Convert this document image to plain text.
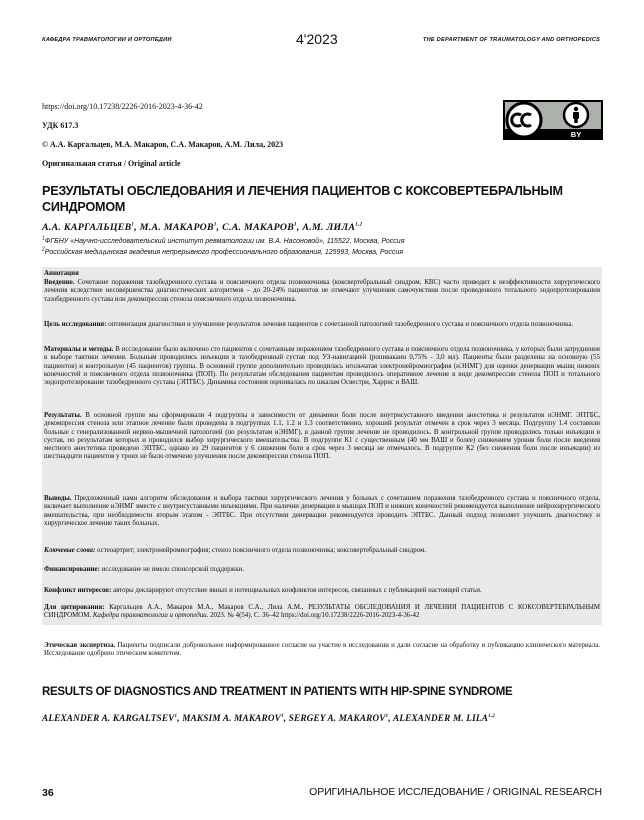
КАФЕДРА ТРАВМАТОЛОГИИ И ОРТОПЕДИИ	4'2023	THE DEPARTMENT OF TRAUMATOLOGY AND ORTHOPEDICS
https://doi.org/10.17238/2226-2016-2023-4-36-42
УДК 617.3
© А.А. Каргальцев, М.А. Макаров, С.А. Макаров, А.М. Лила, 2023
Оригинальная статья / Original article
BY
РЕЗУЛЬТАТЫ ОБСЛЕДОВАНИЯ И ЛЕЧЕНИЯ ПАЦИЕНТОВ С КОКСОВЕРТЕБРАЛЬНЫМ
СИНДРОМОМ
А.А. КАРГАЛЬЦЕВ$^1$, М.А. МАКАРОВ$^1$, С.А. МАКАРОВ$^1$, А.М. ЛИЛА$^{1,2}$
$^1$ФГБНУ «Научно-исследовательский институт ревматологии им. В.А. Насоновой», 115522, Москва, Россия
$^2$Российская медицинская академия непрерывного профессионального образования, 125993, Москва, Россия

Аннотация

Введение. Сочетание поражения тазобедренного сустава и поясничного отдела позвоночника (коксвертебральный синдром, КВС) часто приводит к неэффективности хирургического лечения вследствие несовершенства диагностических алгоритмов – до 20-24% пациентов не отмечают улучшения самочувствия после проведенного тотального эндопротезирования тазобедренного сустава или декомпрессии стеноза поясничного отдела позвоночника.

Цель исследования: оптимизация диагностики и улучшение результатов лечения пациентов с сочетанной патологией тазобедренного сустава и поясничного отдела позвоночника.

Материалы и методы. В исследование было включено сто пациентов с сочетанным поражением тазобедренного сустава и поясничного отдела позвоночника, у которых были затруднения в выборе тактики лечения. Больным проводились инъекции в тазобедренный сустав под УЗ-навигацией (ропивакаин 0,75% - 3,0 мл). Пациенты были разделены на основную (55 пациентов) и контрольную (45 пациентов) группы. В основной группе дополнительно проводилась игольчатая электронейромиография (иЭНМГ) для оценки денервации мышц нижних конечностей и поясничного отдела позвоночника (ПОП). По результатам обследования пациентам проводилось оперативное лечение в виде декомпрессии стеноза ПОП и тотального эндопротезирование тазобедренного сустава (ЭПТБС). Динамика состояния оценивалась по шкалам Освестри, Харрис и ВАШ.

Результаты. В основной группе мы сформировали 4 подгруппы в зависимости от динамики боли после внутрисуставного введения анестетика и результатов иЭНМГ. ЭПТБС, декомпрессия стеноза или этапное лечение были проведены в подгруппах 1.1, 1.2 и 1.3 соответственно, хороший результат отмечен в срок через 3 месяца. Подгруппу 1.4 составили больные с генерализованной нервно-мышечной патологией (по результатам иЭНМГ), в данной группе лечение не проводилось. В контрольной группе проводились только инъекции в сустав, по результатам которых и проводился выбор хирургического вмешательства. В подгруппе К1 с существенным (40 мм ВАШ и более) снижением уровня боли после введения местного анестетика проведено ЭПТБС, однако из 29 пациентов у 6 снижения боли в срок через 3 месяца не отмечалось. В подгруппе К2 (без снижения боли после инъекции) из шестнадцати пациентов у троих не было отмечено улучшения после декомпрессии стеноза ПОП.

Выводы. Предложенный нами алгоритм обследования и выбора тактики хирургического лечения у больных с сочетанием поражения тазобедренного сустава и поясничного отдела, включает выполнение иЭНМГ вместе с внутрисуставными инъекциями. При наличии денервации в мышцах ПОП и нижних конечностей рекомендуется выполнение нейрохирургического вмешательства, при необходимости вторым этапом - ЭПТБС. При отсутствии денервации рекомендуется проводить ЭПТБС. Данный подход позволяет улучшить диагностику и хирургическое лечение таких больных.

Ключевые слова: остеоартрит; электронейромиография; стеноз поясничного отдела позвоночника; коксовертебральный синдром.

Финансирование: исследование не имело спонсорской поддержки.

Конфликт интересов: авторы декларируют отсутствие явных и потенциальных конфликтов интересов, связанных с публикацией настоящей статьи.

Для цитирования: Каргальцев А.А., Макаров М.А., Макаров С.А., Лила А.М., РЕЗУЛЬТАТЫ ОБСЛЕДОВАНИЯ И ЛЕЧЕНИЯ ПАЦИЕНТОВ С КОКСОВЕРТЕБРАЛЬНЫМ СИНДРОМОМ. Кафедра травматологии и ортопедии. 2023. № 4(54). С. 36–42 https://doi.org/10.17238/2226-2016-2023-4-36-42

Этическая экспертиза. Пациенты подписали добровольное информированное согласие на участие в исследовании и дали согласие на обработку и публикацию клинического материала. Исследование одобрено этическим комитетом.

RESULTS OF DIAGNOSTICS AND TREATMENT IN PATIENTS WITH HIP-SPINE SYNDROME
ALEXANDER A. KARGALTSEV$^1$, MAKSIM A. MAKAROV$^1$, SERGEY A. MAKAROV$^1$, ALEXANDER M. LILA$^{1,2}$
36	ОРИГИНАЛЬНОЕ ИССЛЕДОВАНИЕ / ORIGINAL RESEARCH
